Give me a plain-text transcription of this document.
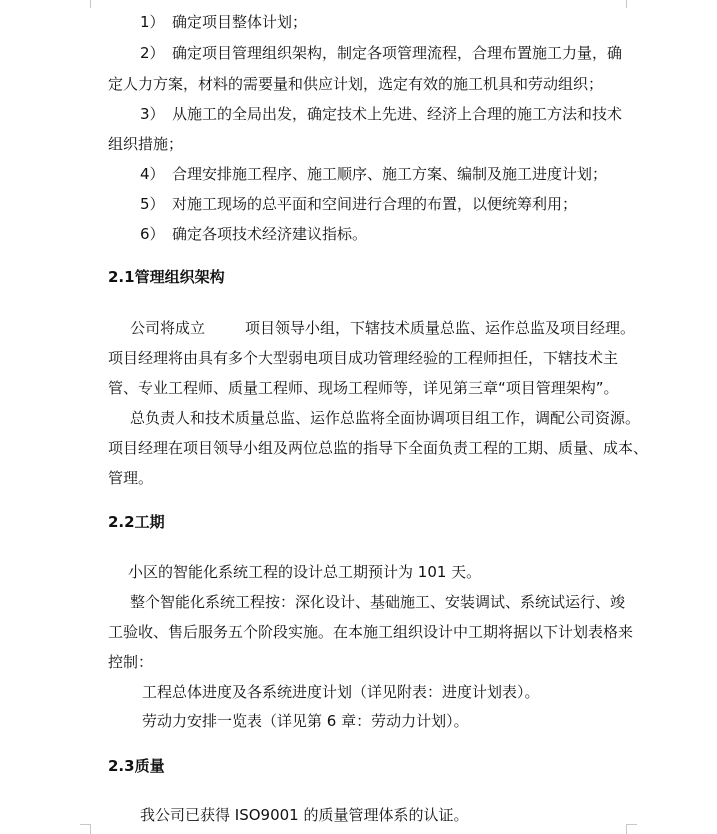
1） 确定项目整体计划；

2） 确定项目管理组织架构，制定各项管理流程，合理布置施工力量，确

定人力方案，材料的需要量和供应计划，选定有效的施工机具和劳动组织；

3） 从施工的全局出发，确定技术上先进、经济上合理的施工方法和技术

组织措施；

4） 合理安排施工程序、施工顺序、施工方案、编制及施工进度计划；

5） 对施工现场的总平面和空间进行合理的布置，以便统筹利用；

6） 确定各项技术经济建议指标。

2.1管理组织架构

公司将成立	项目领导小组，下辖技术质量总监、运作总监及项目经理。

项目经理将由具有多个大型弱电项目成功管理经验的工程师担任，下辖技术主

管、专业工程师、质量工程师、现场工程师等，详见第三章“项目管理架构”。

总负责人和技术质量总监、运作总监将全面协调项目组工作，调配公司资源。

项目经理在项目领导小组及两位总监的指导下全面负责工程的工期、质量、成本、

管理。

2.2工期

小区的智能化系统工程的设计总工期预计为 101 天。

整个智能化系统工程按：深化设计、基础施工、安装调试、系统试运行、竣

工验收、售后服务五个阶段实施。在本施工组织设计中工期将据以下计划表格来

控制：

工程总体进度及各系统进度计划（详见附表：进度计划表）。

劳动力安排一览表（详见第 6 章：劳动力计划）。

2.3质量

我公司已获得 ISO9001 的质量管理体系的认证。
